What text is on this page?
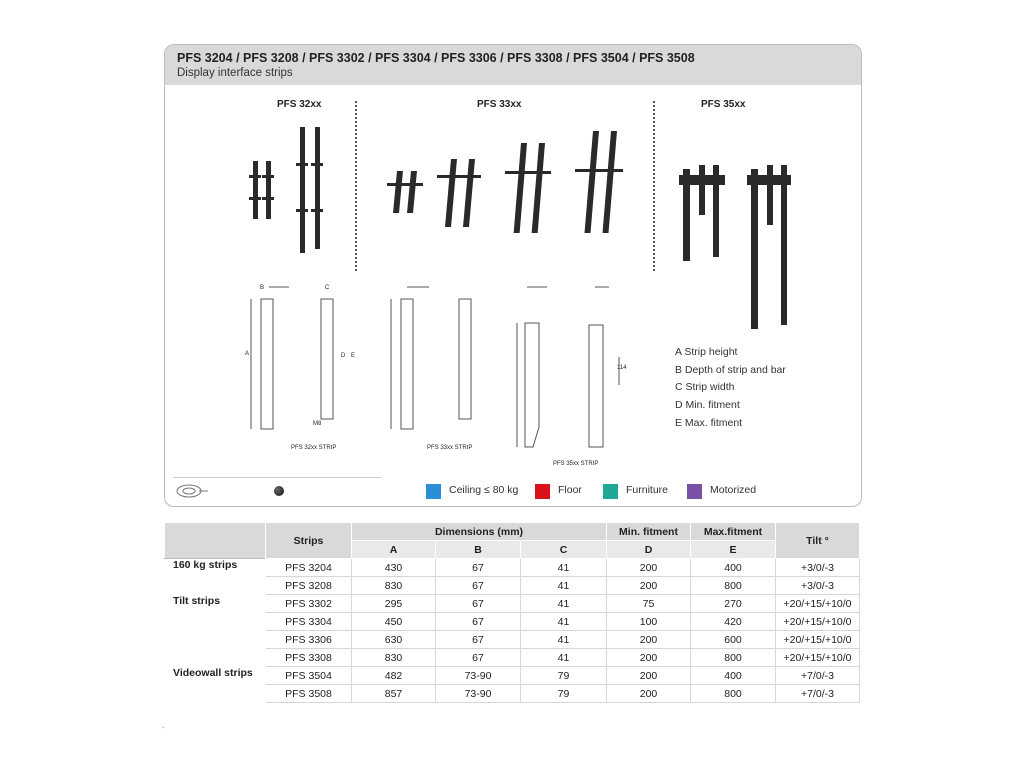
PFS 3204 / PFS 3208 / PFS 3302 / PFS 3304 / PFS 3306 / PFS 3308 / PFS 3504 / PFS 3508
Display interface strips
PFS 32xx	PFS 33xx	PFS 35xx
B	C
A	D E
114
M8
PFS 32xx STRIP	PFS 33xx STRIP
PFS 35xx STRIP
A Strip height
B Depth of strip and bar
C Strip width
D Min. fitment
E Max. fitment
Ceiling ≤ 80 kg	Floor	Furniture	Motorized
	Strips	Dimensions (mm)			Min. fitment	Max.fitment	Tilt °
		A	B	C	D	E	
160 kg strips	PFS 3204	430	67	41	200	400	+3/0/-3
	PFS 3208	830	67	41	200	800	+3/0/-3
Tilt strips	PFS 3302	295	67	41	75	270	+20/+15/+10/0
	PFS 3304	450	67	41	100	420	+20/+15/+10/0
	PFS 3306	630	67	41	200	600	+20/+15/+10/0
	PFS 3308	830	67	41	200	800	+20/+15/+10/0
Videowall strips	PFS 3504	482	73-90	79	200	400	+7/0/-3
	PFS 3508	857	73-90	79	200	800	+7/0/-3
-
